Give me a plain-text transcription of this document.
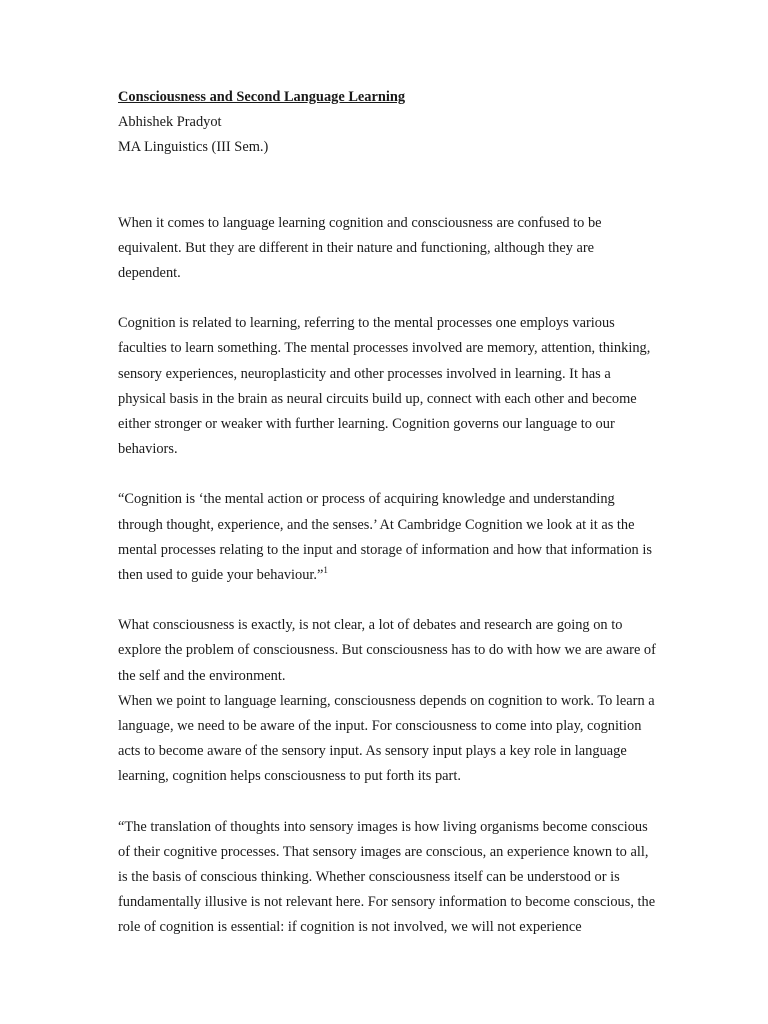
Consciousness and Second Language Learning

Abhishek Pradyot

MA Linguistics (III Sem.)

When it comes to language learning cognition and consciousness are confused to be

equivalent. But they are different in their nature and functioning, although they are

dependent.

Cognition is related to learning, referring to the mental processes one employs various

faculties to learn something. The mental processes involved are memory, attention, thinking,

sensory experiences, neuroplasticity and other processes involved in learning. It has a

physical basis in the brain as neural circuits build up, connect with each other and become

either stronger or weaker with further learning. Cognition governs our language to our

behaviors.

“Cognition is ‘the mental action or process of acquiring knowledge and understanding

through thought, experience, and the senses.’ At Cambridge Cognition we look at it as the

mental processes relating to the input and storage of information and how that information is

then used to guide your behaviour.”$^1$

What consciousness is exactly, is not clear, a lot of debates and research are going on to

explore the problem of consciousness. But consciousness has to do with how we are aware of

the self and the environment.

When we point to language learning, consciousness depends on cognition to work. To learn a

language, we need to be aware of the input. For consciousness to come into play, cognition

acts to become aware of the sensory input. As sensory input plays a key role in language

learning, cognition helps consciousness to put forth its part.

“The translation of thoughts into sensory images is how living organisms become conscious

of their cognitive processes. That sensory images are conscious, an experience known to all,

is the basis of conscious thinking. Whether consciousness itself can be understood or is

fundamentally illusive is not relevant here. For sensory information to become conscious, the

role of cognition is essential: if cognition is not involved, we will not experience
